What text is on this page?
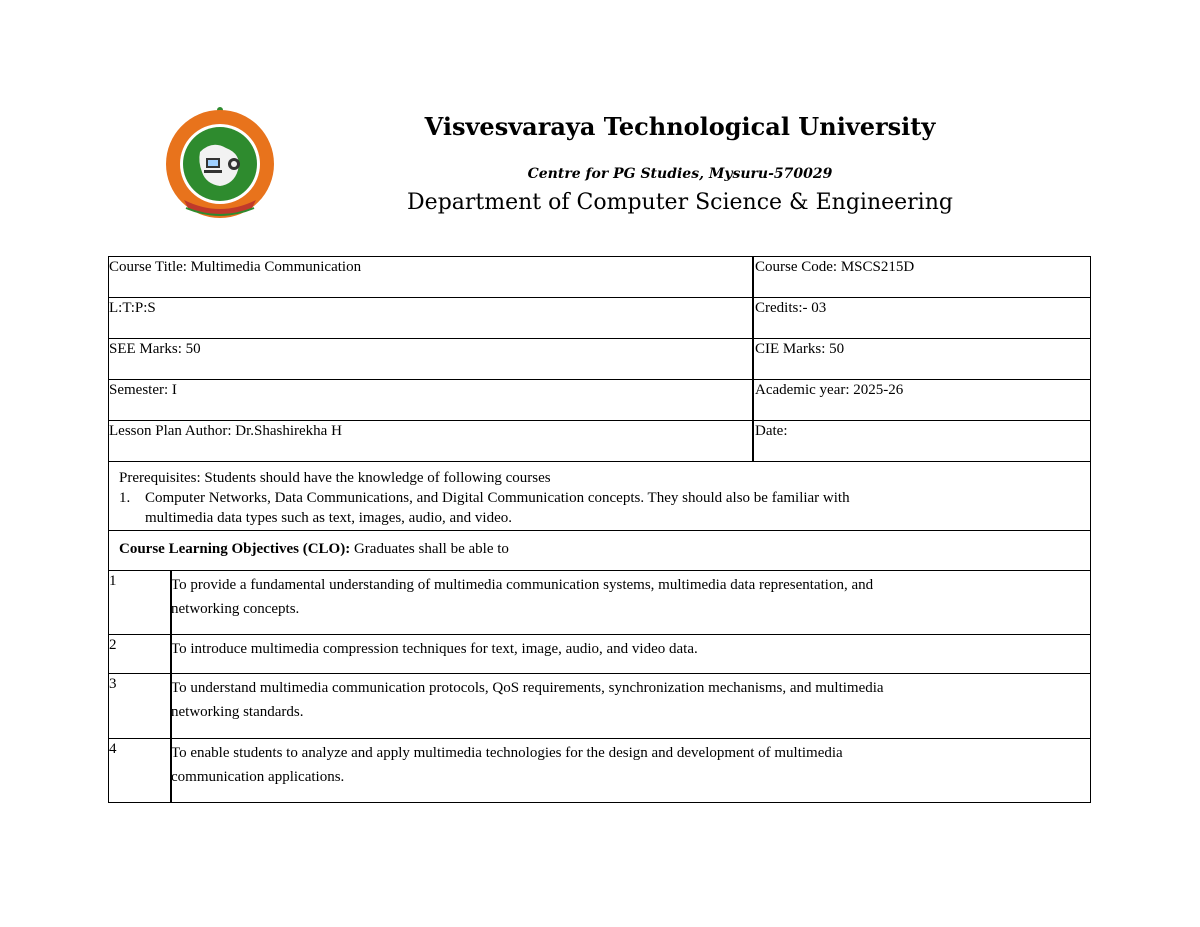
Visvesvaraya Technological University
Centre for PG Studies, Mysuru-570029
Department of Computer Science & Engineering
Course Title: Multimedia Communication	Course Code: MSCS215D
L:T:P:S	Credits:- 03
SEE Marks: 50	CIE Marks: 50
Semester: I	Academic year: 2025-26
Lesson Plan Author: Dr.Shashirekha H	Date:
Prerequisites: Students should have the knowledge of following courses
1. Computer Networks, Data Communications, and Digital Communication concepts. They should also be familiar with
multimedia data types such as text, images, audio, and video.
Course Learning Objectives (CLO): Graduates shall be able to
1	To provide a fundamental understanding of multimedia communication systems, multimedia data representation, and
networking concepts.
2	To introduce multimedia compression techniques for text, image, audio, and video data.
3	To understand multimedia communication protocols, QoS requirements, synchronization mechanisms, and multimedia
networking standards.
4	To enable students to analyze and apply multimedia technologies for the design and development of multimedia
communication applications.
